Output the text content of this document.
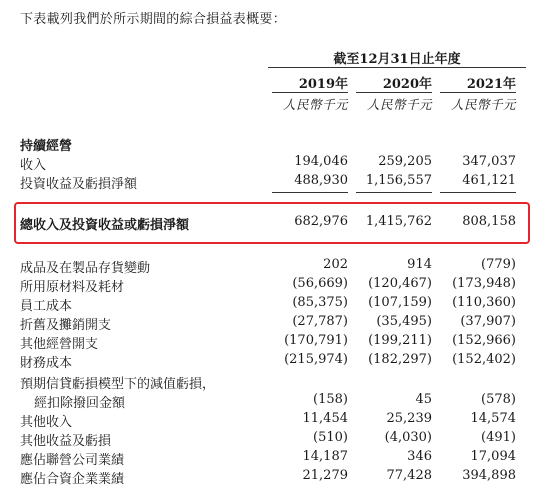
下表載列我們於所示期間的綜合損益表概要：
截至12月31日止年度
2019年	2020年	2021年
人民幣千元	人民幣千元	人民幣千元
持續經營
收入	194,046	259,205	347,037
投資收益及虧損淨額	488,930	1,156,557	461,121
總收入及投資收益或虧損淨額	682,976	1,415,762	808,158
成品及在製品存貨變動	202	914	(779)
所用原材料及耗材	(56,669)	(120,467)	(173,948)
員工成本	(85,375)	(107,159)	(110,360)
折舊及攤銷開支	(27,787)	(35,495)	(37,907)
其他經營開支	(170,791)	(199,211)	(152,966)
財務成本	(215,974)	(182,297)	(152,402)
預期信貸虧損模型下的減值虧損，
經扣除撥回金額	(158)	45	(578)
其他收入	11,454	25,239	14,574
其他收益及虧損	(510)	(4,030)	(491)
應佔聯營公司業績	14,187	346	17,094
應佔合資企業業績	21,279	77,428	394,898
